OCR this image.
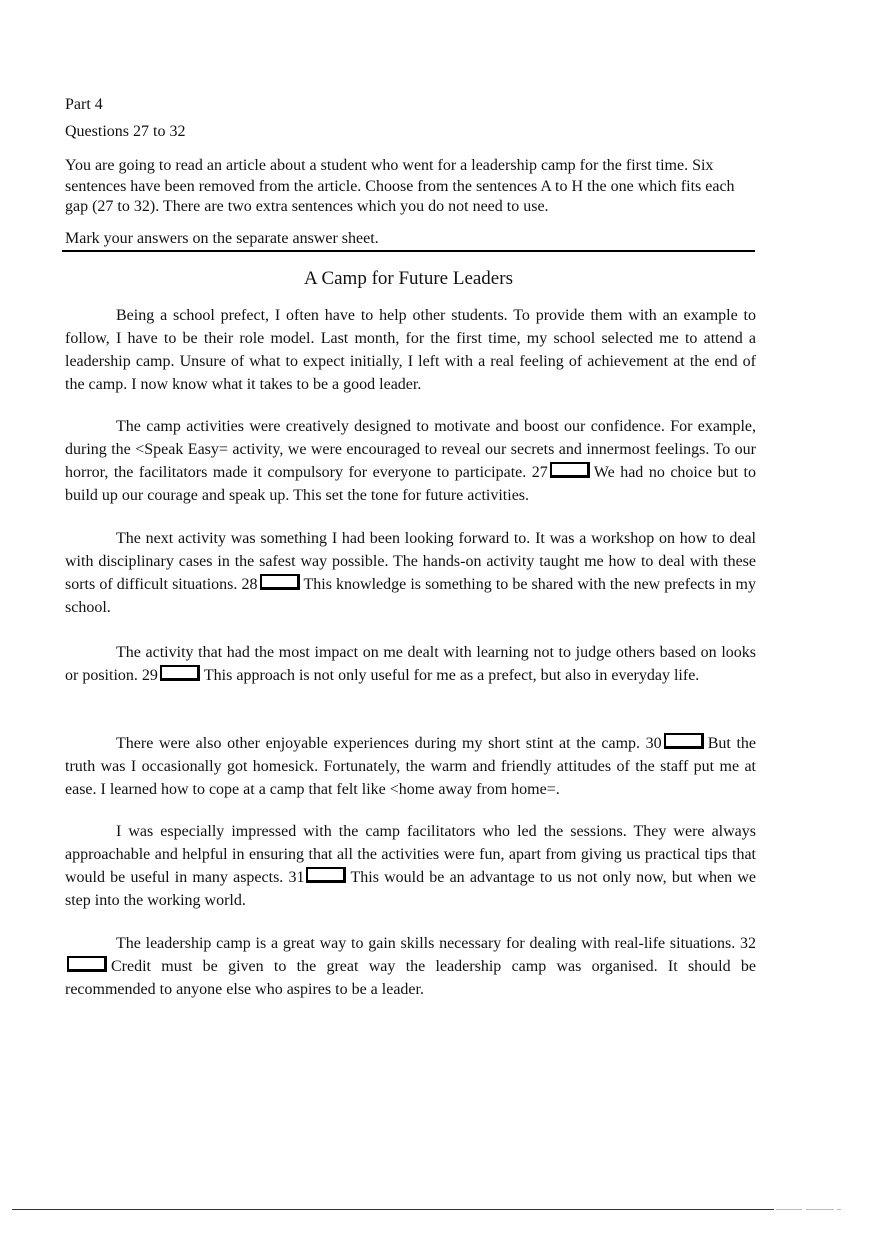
Part 4
Questions 27 to 32

You are going to read an article about a student who went for a leadership camp for the first time. Six sentences have been removed from the article. Choose from the sentences A to H the one which fits each gap (27 to 32). There are two extra sentences which you do not need to use.

Mark your answers on the separate answer sheet.

A Camp for Future Leaders

Being a school prefect, I often have to help other students. To provide them with an example to follow, I have to be their role model. Last month, for the first time, my school selected me to attend a leadership camp. Unsure of what to expect initially, I left with a real feeling of achievement at the end of the camp. I now know what it takes to be a good leader.

The camp activities were creatively designed to motivate and boost our confidence. For example, during the <Speak Easy= activity, we were encouraged to reveal our secrets and innermost feelings. To our horror, the facilitators made it compulsory for everyone to participate. 27	We had no choice but to build up our courage and speak up. This set the tone for future activities.

The next activity was something I had been looking forward to. It was a workshop on how to deal with disciplinary cases in the safest way possible. The hands-on activity taught me how to deal with these sorts of difficult situations. 28	This knowledge is something to be shared with the new prefects in my school.

The activity that had the most impact on me dealt with learning not to judge others based on looks or position. 29	This approach is not only useful for me as a prefect, but also in everyday life.

There were also other enjoyable experiences during my short stint at the camp. 30	But the truth was I occasionally got homesick. Fortunately, the warm and friendly attitudes of the staff put me at ease. I learned how to cope at a camp that felt like <home away from home=.

I was especially impressed with the camp facilitators who led the sessions. They were always approachable and helpful in ensuring that all the activities were fun, apart from giving us practical tips that would be useful in many aspects. 31	This would be an advantage to us not only now, but when we step into the working world.

The leadership camp is a great way to gain skills necessary for dealing with real-life situations. 32Credit must be given to the great way the leadership camp was organised. It should be recommended to anyone else who aspires to be a leader.
